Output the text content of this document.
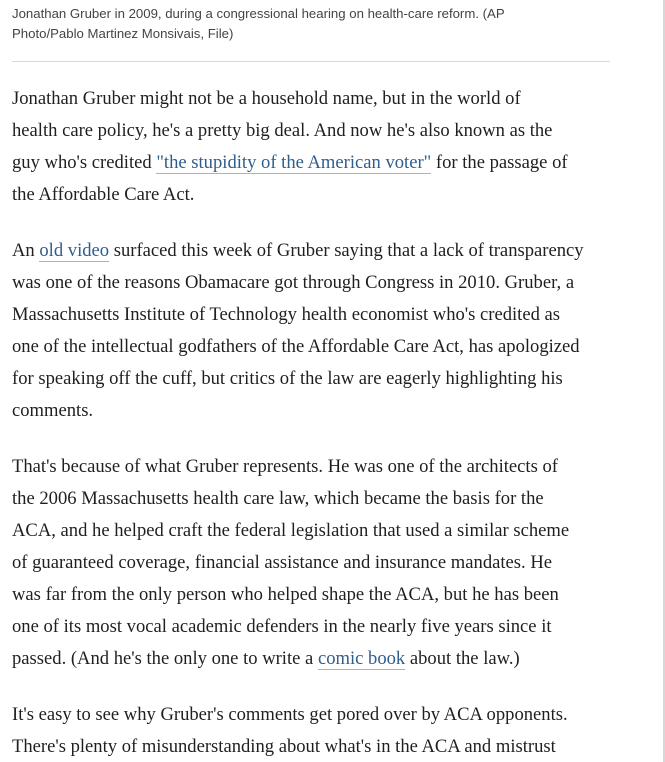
Jonathan Gruber in 2009, during a congressional hearing on health-care reform. (AP
Photo/Pablo Martinez Monsivais, File)

Jonathan Gruber might not be a household name, but in the world of
health care policy, he's a pretty big deal. And now he's also known as the
guy who's credited "the stupidity of the American voter" for the passage of
the Affordable Care Act.

An old video surfaced this week of Gruber saying that a lack of transparency
was one of the reasons Obamacare got through Congress in 2010. Gruber, a
Massachusetts Institute of Technology health economist who's credited as
one of the intellectual godfathers of the Affordable Care Act, has apologized
for speaking off the cuff, but critics of the law are eagerly highlighting his
comments.

That's because of what Gruber represents. He was one of the architects of
the 2006 Massachusetts health care law, which became the basis for the
ACA, and he helped craft the federal legislation that used a similar scheme
of guaranteed coverage, financial assistance and insurance mandates. He
was far from the only person who helped shape the ACA, but he has been
one of its most vocal academic defenders in the nearly five years since it
passed. (And he's the only one to write a comic book about the law.)

It's easy to see why Gruber's comments get pored over by ACA opponents.
There's plenty of misunderstanding about what's in the ACA and mistrust
